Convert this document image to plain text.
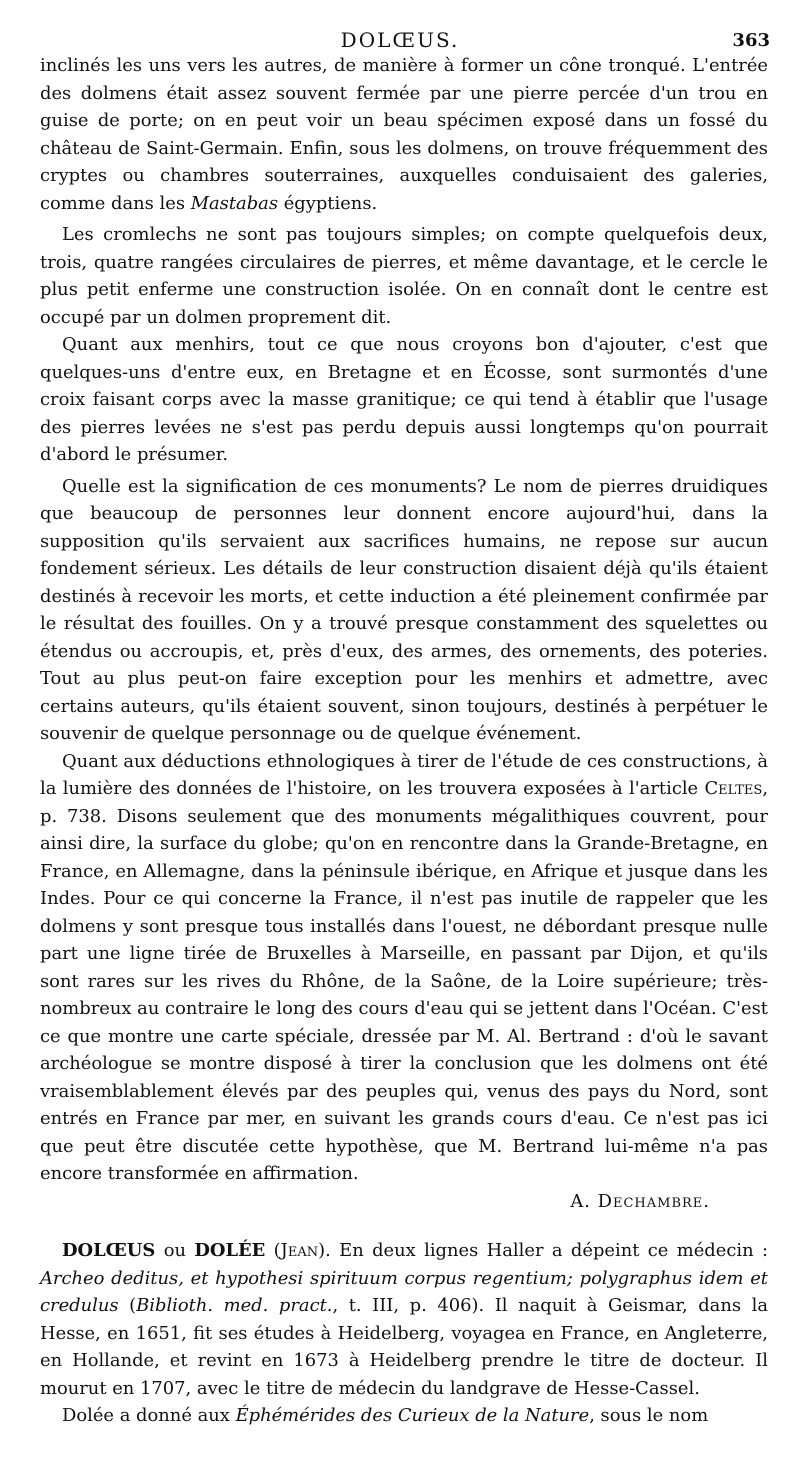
DOLŒUS.	363

inclinés les uns vers les autres, de manière à former un cône tronqué. L'entrée des dolmens était assez souvent fermée par une pierre percée d'un trou en guise de porte; on en peut voir un beau spécimen exposé dans un fossé du château de Saint-Germain. Enfin, sous les dolmens, on trouve fréquemment des cryptes ou chambres souterraines, auxquelles conduisaient des galeries, comme dans les Mastabas égyptiens.

Les cromlechs ne sont pas toujours simples; on compte quelquefois deux, trois, quatre rangées circulaires de pierres, et même davantage, et le cercle le plus petit enferme une construction isolée. On en connaît dont le centre est occupé par un dolmen proprement dit.

Quant aux menhirs, tout ce que nous croyons bon d'ajouter, c'est que quelques-uns d'entre eux, en Bretagne et en Écosse, sont surmontés d'une croix faisant corps avec la masse granitique; ce qui tend à établir que l'usage des pierres levées ne s'est pas perdu depuis aussi longtemps qu'on pourrait d'abord le présumer.

Quelle est la signification de ces monuments? Le nom de pierres druidiques que beaucoup de personnes leur donnent encore aujourd'hui, dans la supposition qu'ils servaient aux sacrifices humains, ne repose sur aucun fondement sérieux. Les détails de leur construction disaient déjà qu'ils étaient destinés à recevoir les morts, et cette induction a été pleinement confirmée par le résultat des fouilles. On y a trouvé presque constamment des squelettes ou étendus ou accroupis, et, près d'eux, des armes, des ornements, des poteries. Tout au plus peut-on faire exception pour les menhirs et admettre, avec certains auteurs, qu'ils étaient souvent, sinon toujours, destinés à perpétuer le souvenir de quelque personnage ou de quelque événement.

Quant aux déductions ethnologiques à tirer de l'étude de ces constructions, à la lumière des données de l'histoire, on les trouvera exposées à l'article Celtes, p. 738. Disons seulement que des monuments mégalithiques couvrent, pour ainsi dire, la surface du globe; qu'on en rencontre dans la Grande-Bretagne, en France, en Allemagne, dans la péninsule ibérique, en Afrique et jusque dans les Indes. Pour ce qui concerne la France, il n'est pas inutile de rappeler que les dolmens y sont presque tous installés dans l'ouest, ne débordant presque nulle part une ligne tirée de Bruxelles à Marseille, en passant par Dijon, et qu'ils sont rares sur les rives du Rhône, de la Saône, de la Loire supérieure; très-nombreux au contraire le long des cours d'eau qui se jettent dans l'Océan. C'est ce que montre une carte spéciale, dressée par M. Al. Bertrand : d'où le savant archéologue se montre disposé à tirer la conclusion que les dolmens ont été vraisemblablement élevés par des peuples qui, venus des pays du Nord, sont entrés en France par mer, en suivant les grands cours d'eau. Ce n'est pas ici que peut être discutée cette hypothèse, que M. Bertrand lui-même n'a pas encore transformée en affirmation.

A. Dechambre.

DOLŒUS ou DOLÉE (Jean). En deux lignes Haller a dépeint ce médecin : Archeo deditus, et hypothesi spirituum corpus regentium; polygraphus idem et credulus (Biblioth. med. pract., t. III, p. 406). Il naquit à Geismar, dans la Hesse, en 1651, fit ses études à Heidelberg, voyagea en France, en Angleterre, en Hollande, et revint en 1673 à Heidelberg prendre le titre de docteur. Il mourut en 1707, avec le titre de médecin du landgrave de Hesse-Cassel.

Dolée a donné aux Éphémérides des Curieux de la Nature, sous le nom
